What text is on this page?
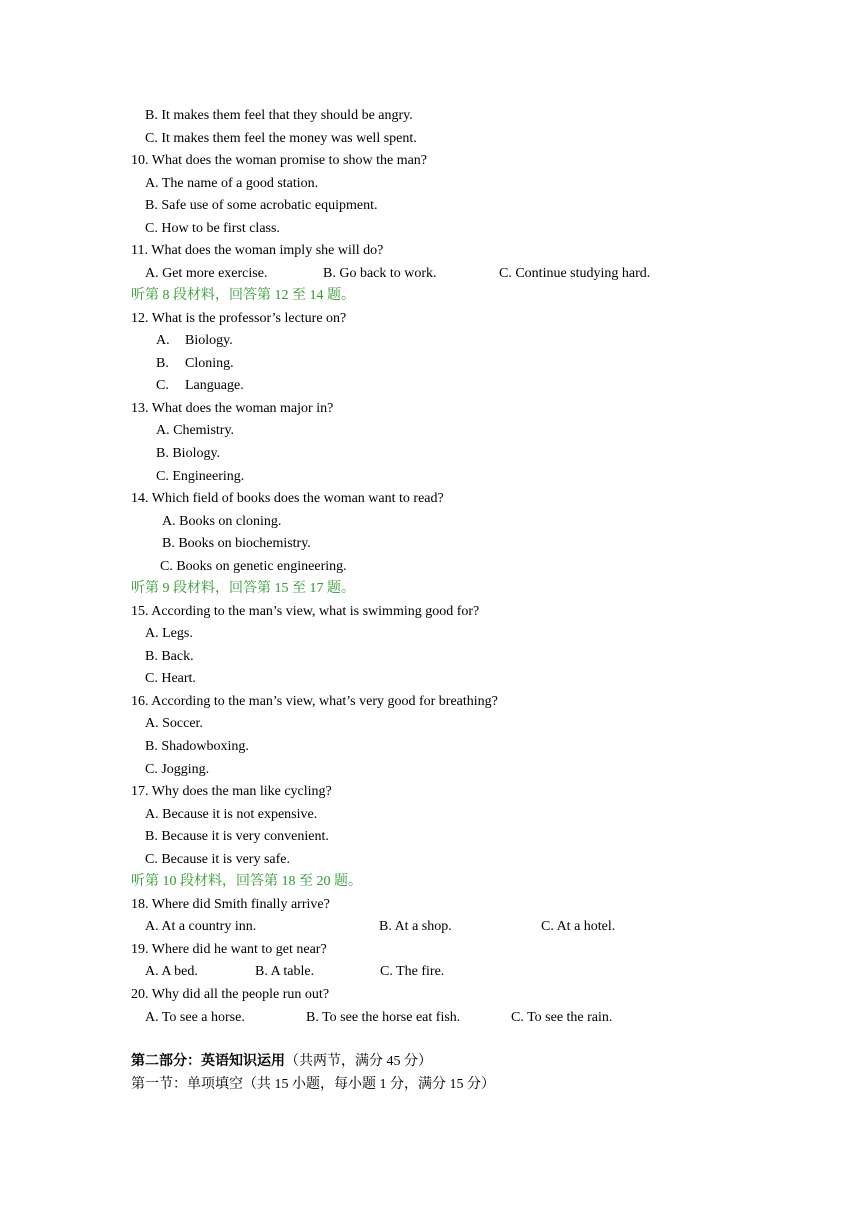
B. It makes them feel that they should be angry.
C. It makes them feel the money was well spent.
10. What does the woman promise to show the man?
A. The name of a good station.
B. Safe use of some acrobatic equipment.
C. How to be first class.
11. What does the woman imply she will do?
A. Get more exercise.	B. Go back to work.	C. Continue studying hard.
听第 8 段材料，回答第 12 至 14 题。
12. What is the professor’s lecture on?
A. Biology.
B. Cloning.
C. Language.
13. What does the woman major in?
A. Chemistry.
B. Biology.
C. Engineering.
14. Which field of books does the woman want to read?
A. Books on cloning.
B. Books on biochemistry.
C. Books on genetic engineering.
听第 9 段材料，回答第 15 至 17 题。
15. According to the man’s view, what is swimming good for?
A. Legs.
B. Back.
C. Heart.
16. According to the man’s view, what’s very good for breathing?
A. Soccer.
B. Shadowboxing.
C. Jogging.
17. Why does the man like cycling?
A. Because it is not expensive.
B. Because it is very convenient.
C. Because it is very safe.
听第 10 段材料，回答第 18 至 20 题。
18. Where did Smith finally arrive?
A. At a country inn.	B. At a shop.	C. At a hotel.
19. Where did he want to get near?
A. A bed.	B. A table.	C. The fire.
20. Why did all the people run out?
A. To see a horse.	B. To see the horse eat fish.	C. To see the rain.
第二部分：英语知识运用（共两节，满分 45 分）
第一节：单项填空（共 15 小题，每小题 1 分，满分 15 分）
